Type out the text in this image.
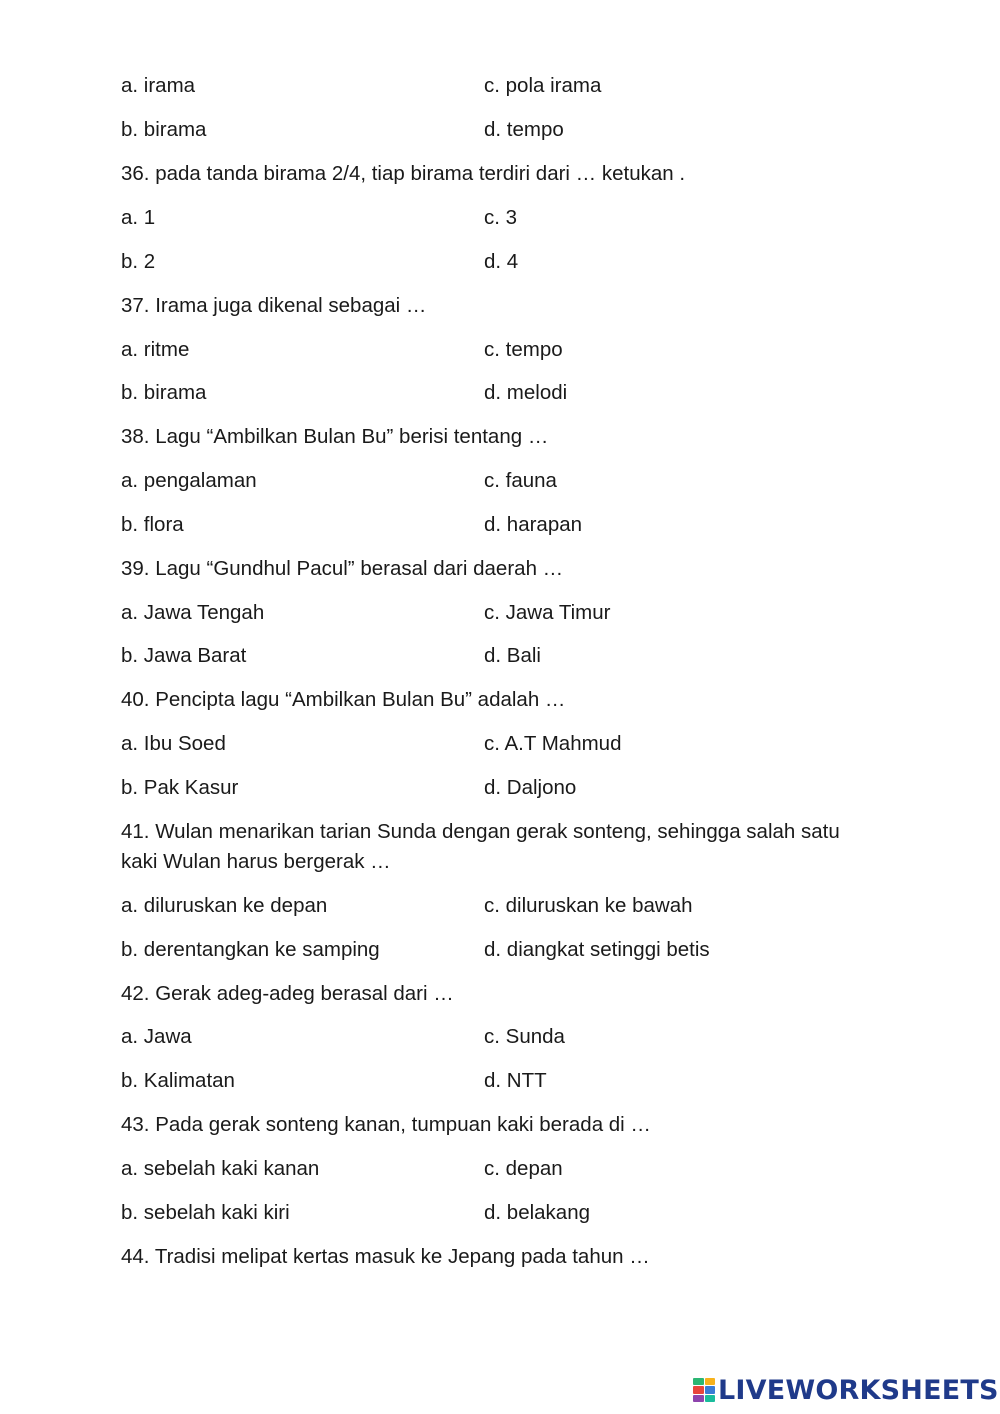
a. irama	c. pola irama
b. birama	d. tempo
36. pada tanda birama 2/4, tiap birama terdiri dari … ketukan .
a. 1	c. 3
b. 2	d. 4
37. Irama juga dikenal sebagai …
a. ritme	c. tempo
b. birama	d. melodi
38. Lagu “Ambilkan Bulan Bu” berisi tentang …
a. pengalaman	c. fauna
b. flora	d. harapan
39. Lagu “Gundhul Pacul” berasal dari daerah …
a. Jawa Tengah	c. Jawa Timur
b. Jawa Barat	d. Bali
40. Pencipta lagu “Ambilkan Bulan Bu” adalah …
a. Ibu Soed	c. A.T Mahmud
b. Pak Kasur	d. Daljono
41. Wulan menarikan tarian Sunda dengan gerak sonteng, sehingga salah satu kaki Wulan harus bergerak …
a. diluruskan ke depan	c. diluruskan ke bawah
b. derentangkan ke samping	d. diangkat setinggi betis
42. Gerak adeg-adeg berasal dari …
a. Jawa	c. Sunda
b. Kalimatan	d. NTT
43. Pada gerak sonteng kanan, tumpuan kaki berada di …
a. sebelah kaki kanan	c. depan
b. sebelah kaki kiri	d. belakang
44. Tradisi melipat kertas masuk ke Jepang pada tahun …
LIVEWORKSHEETS
